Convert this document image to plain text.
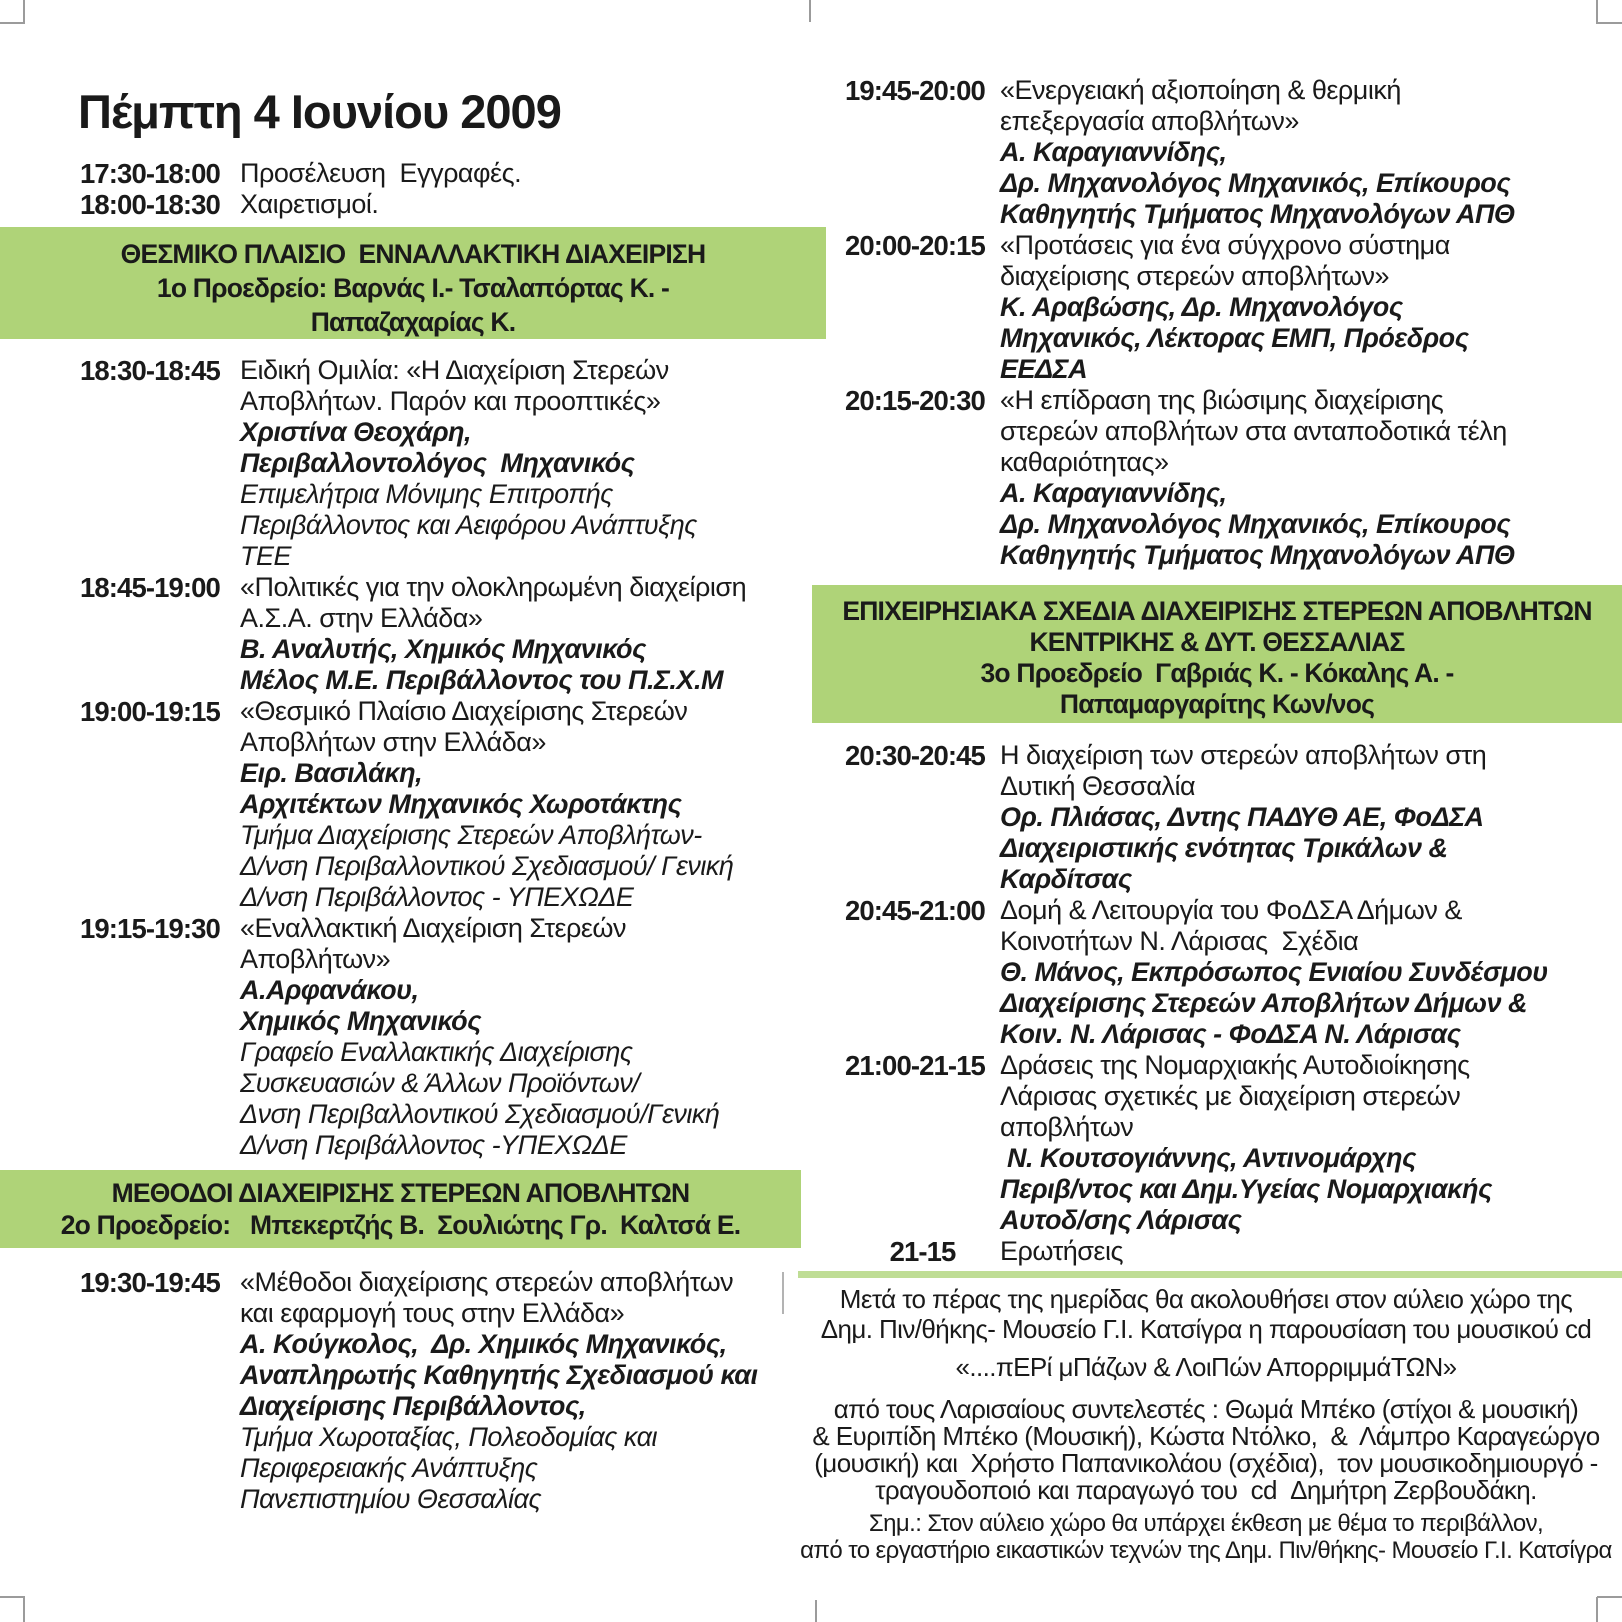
Πέμπτη 4 Ιουνίου 2009
17:30-18:00 Προσέλευση  Εγγραφές.
18:00-18:30 Χαιρετισμοί.
ΘΕΣΜΙΚΟ ΠΛΑΙΣΙΟ  ΕΝΝΑΛΛΑΚΤΙΚΗ ΔΙΑΧΕΙΡΙΣΗ
1ο Προεδρείο: Βαρνάς Ι.- Τσαλαπόρτας Κ. -
Παπαζαχαρίας Κ.
18:30-18:45 Ειδική Ομιλία: «Η Διαχείριση Στερεών
Αποβλήτων. Παρόν και προοπτικές»
Χριστίνα Θεοχάρη,
Περιβαλλοντολόγος  Μηχανικός
Επιμελήτρια Μόνιμης Επιτροπής
Περιβάλλοντος και Αειφόρου Ανάπτυξης
ΤΕΕ
18:45-19:00 «Πολιτικές για την ολοκληρωμένη διαχείριση
Α.Σ.Α. στην Ελλάδα»
Β. Αναλυτής, Χημικός Μηχανικός
Μέλος Μ.Ε. Περιβάλλοντος του Π.Σ.Χ.Μ
19:00-19:15 «Θεσμικό Πλαίσιο Διαχείρισης Στερεών
Αποβλήτων στην Ελλάδα»
Ειρ. Βασιλάκη,
Αρχιτέκτων Μηχανικός Χωροτάκτης
Τμήμα Διαχείρισης Στερεών Αποβλήτων-
Δ/νση Περιβαλλοντικού Σχεδιασμού/ Γενική
Δ/νση Περιβάλλοντος - ΥΠΕΧΩΔΕ
19:15-19:30 «Εναλλακτική Διαχείριση Στερεών
Αποβλήτων»
Α.Αρφανάκου,
Χημικός Μηχανικός
Γραφείο Εναλλακτικής Διαχείρισης
Συσκευασιών & Άλλων Προϊόντων/
Δνση Περιβαλλοντικού Σχεδιασμού/Γενική
Δ/νση Περιβάλλοντος -ΥΠΕΧΩΔΕ
ΜΕΘΟΔΟΙ ΔΙΑΧΕΙΡΙΣΗΣ ΣΤΕΡΕΩΝ ΑΠΟΒΛΗΤΩΝ
2ο Προεδρείο:   Μπεκερτζής Β.  Σουλιώτης Γρ.  Καλτσά Ε.
19:30-19:45 «Μέθοδοι διαχείρισης στερεών αποβλήτων
και εφαρμογή τους στην Ελλάδα»
Α. Κούγκολος,  Δρ. Χημικός Μηχανικός,
Αναπληρωτής Καθηγητής Σχεδιασμού και
Διαχείρισης Περιβάλλοντος,
Τμήμα Χωροταξίας, Πολεοδομίας και
Περιφερειακής Ανάπτυξης
Πανεπιστημίου Θεσσαλίας
19:45-20:00 «Ενεργειακή αξιοποίηση & θερμική
επεξεργασία αποβλήτων»
Α. Καραγιαννίδης,
Δρ. Μηχανολόγος Μηχανικός, Επίκουρος
Καθηγητής Τμήματος Μηχανολόγων ΑΠΘ
20:00-20:15 «Προτάσεις για ένα σύγχρονο σύστημα
διαχείρισης στερεών αποβλήτων»
Κ. Αραβώσης, Δρ. Μηχανολόγος
Μηχανικός, Λέκτορας ΕΜΠ, Πρόεδρος
ΕΕΔΣΑ
20:15-20:30 «Η επίδραση της βιώσιμης διαχείρισης
στερεών αποβλήτων στα ανταποδοτικά τέλη
καθαριότητας»
Α. Καραγιαννίδης,
Δρ. Μηχανολόγος Μηχανικός, Επίκουρος
Καθηγητής Τμήματος Μηχανολόγων ΑΠΘ
ΕΠΙΧΕΙΡΗΣΙΑΚΑ ΣΧΕΔΙΑ ΔΙΑΧΕΙΡΙΣΗΣ ΣΤΕΡΕΩΝ ΑΠΟΒΛΗΤΩΝ
ΚΕΝΤΡΙΚΗΣ & ΔΥΤ. ΘΕΣΣΑΛΙΑΣ
3ο Προεδρείο  Γαβριάς Κ. - Κόκαλης Α. -
Παπαμαργαρίτης Κων/νος
20:30-20:45 Η διαχείριση των στερεών αποβλήτων στη
Δυτική Θεσσαλία
Ορ. Πλιάσας, Δντης ΠΑΔΥΘ ΑΕ, ΦοΔΣΑ
Διαχειριστικής ενότητας Τρικάλων &
Καρδίτσας
20:45-21:00 Δομή & Λειτουργία του ΦοΔΣΑ Δήμων &
Κοινοτήτων Ν. Λάρισας  Σχέδια
Θ. Μάνος, Εκπρόσωπος Ενιαίου Συνδέσμου
Διαχείρισης Στερεών Αποβλήτων Δήμων &
Κοιν. Ν. Λάρισας - ΦοΔΣΑ Ν. Λάρισας
21:00-21-15 Δράσεις της Νομαρχιακής Αυτοδιοίκησης
Λάρισας σχετικές με διαχείριση στερεών
αποβλήτων
Ν. Κουτσογιάννης, Αντινομάρχης
Περιβ/ντος και Δημ.Υγείας Νομαρχιακής
Αυτοδ/σης Λάρισας
21-15	Ερωτήσεις
Μετά το πέρας της ημερίδας θα ακολουθήσει στον αύλειο χώρο της
Δημ. Πιν/θήκης- Μουσείο Γ.Ι. Κατσίγρα η παρουσίαση του μουσικού cd
«....πΕΡί μΠάζων & ΛοιΠών ΑπορριμμάΤΩΝ»
από τους Λαρισαίους συντελεστές : Θωμά Μπέκο (στίχοι & μουσική)
& Ευριπίδη Μπέκο (Μουσική), Κώστα Ντόλκο,  &  Λάμπρο Καραγεώργο
(μουσική) και  Χρήστο Παπανικολάου (σχέδια),  τον μουσικοδημιουργό -
τραγουδοποιό και παραγωγό του  cd  Δημήτρη Ζερβουδάκη.
Σημ.: Στον αύλειο χώρο θα υπάρχει έκθεση με θέμα το περιβάλλον,
από το εργαστήριο εικαστικών τεχνών της Δημ. Πιν/θήκης- Μουσείο Γ.Ι. Κατσίγρα
